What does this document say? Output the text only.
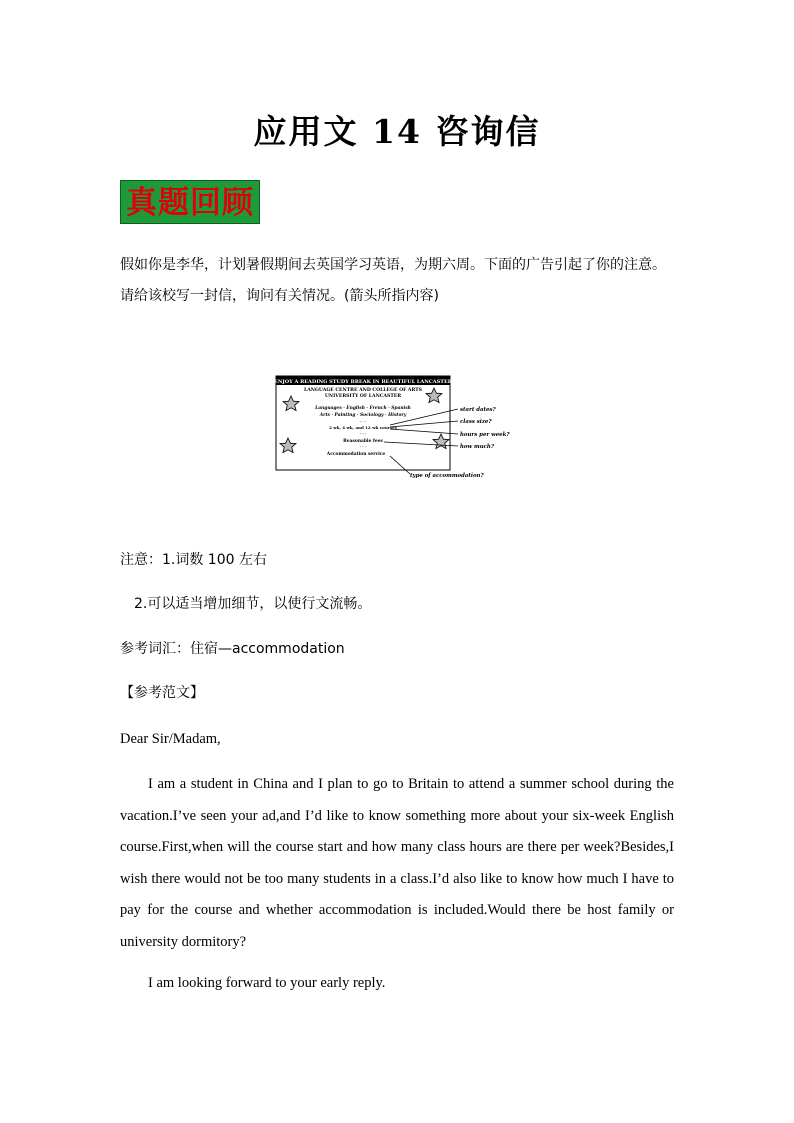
应用文 14 咨询信
真题回顾
假如你是李华，计划暑假期间去英国学习英语，为期六周。下面的广告引起了你的注意。请给该校写一封信，询问有关情况。(箭头所指内容)
ENJOY A READING STUDY BREAK IN BEAUTIFUL LANCASTER
LANGUAGE CENTRE AND COLLEGE OF ARTS
UNIVERSITY OF LANCASTER
Languages · English · French · Spanish
Arts · Painting · Sociology · History
· · ·
2 wk, 4 wk, and 12 wk courses
· · ·
Reasonable fees
· · ·
Accommodation service
start dates?
class size?
hours per week?
how much?
type of accommodation?
注意：1.词数 100 左右
2.可以适当增加细节，以使行文流畅。
参考词汇：住宿—accommodation
【参考范文】
Dear Sir/Madam,
I am a student in China and I plan to go to Britain to attend a summer school during the vacation.I’ve seen your ad,and I’d like to know something more about your six-week English course.First,when will the course start and how many class hours are there per week?Besides,I wish there would not be too many students in a class.I’d also like to know how much I have to pay for the course and whether accommodation is included.Would there be host family or university dormitory?
I am looking forward to your early reply.
